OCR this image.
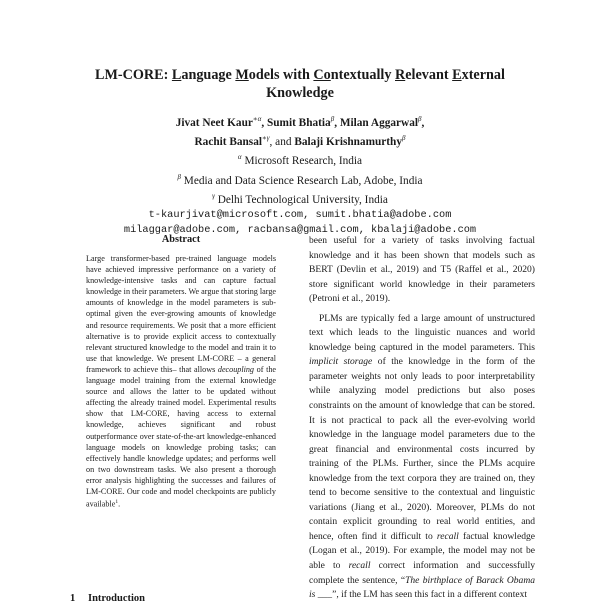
LM-CORE: Language Models with Contextually Relevant External
Knowledge
Jivat Neet Kaur$^{∗\alpha}$, Sumit Bhatia$^\beta$, Milan Aggarwal$^\beta$,
Rachit Bansal$^{∗\gamma}$, and Balaji Krishnamurthy$^\beta$
$^\alpha$ Microsoft Research, India
$^\beta$ Media and Data Science Research Lab, Adobe, India
$^\gamma$ Delhi Technological University, India
t-kaurjivat@microsoft.com, sumit.bhatia@adobe.com
milaggar@adobe.com, racbansa@gmail.com, kbalaji@adobe.com
Abstract
Large transformer-based pre-trained language models have achieved impressive performance on a variety of knowledge-intensive tasks and can capture factual knowledge in their parameters. We argue that storing large amounts of knowledge in the model parameters is sub-optimal given the ever-growing amounts of knowledge and resource requirements. We posit that a more efficient alternative is to provide explicit access to contextually relevant structured knowledge to the model and train it to use that knowledge. We present LM-CORE – a general framework to achieve this– that allows decoupling of the language model training from the external knowledge source and allows the latter to be updated without affecting the already trained model. Experimental results show that LM-CORE, having access to external knowledge, achieves significant and robust outperformance over state-of-the-art knowledge-enhanced language models on knowledge probing tasks; can effectively handle knowledge updates; and performs well on two downstream tasks. We also present a thorough error analysis highlighting the successes and failures of LM-CORE. Our code and model checkpoints are publicly available$^1$.

been useful for a variety of tasks involving factual knowledge and it has been shown that models such as BERT (Devlin et al., 2019) and T5 (Raffel et al., 2020) store significant world knowledge in their parameters (Petroni et al., 2019).

PLMs are typically fed a large amount of unstructured text which leads to the linguistic nuances and world knowledge being captured in the model parameters. This implicit storage of the knowledge in the form of the parameter weights not only leads to poor interpretability while analyzing model predictions but also poses constraints on the amount of knowledge that can be stored. It is not practical to pack all the ever-evolving world knowledge in the language model parameters due to the great financial and environmental costs incurred by training of the PLMs. Further, since the PLMs acquire knowledge from the text corpora they are trained on, they tend to become sensitive to the contextual and linguistic variations (Jiang et al., 2020). Moreover, PLMs do not contain explicit grounding to real world entities, and hence, often find it difficult to recall factual knowledge (Logan et al., 2019). For example, the model may not be able to recall correct information and successfully complete the sentence, “The birthplace of Barack Obama is ___”, if the LM has seen this fact in a different context

1 Introduction
